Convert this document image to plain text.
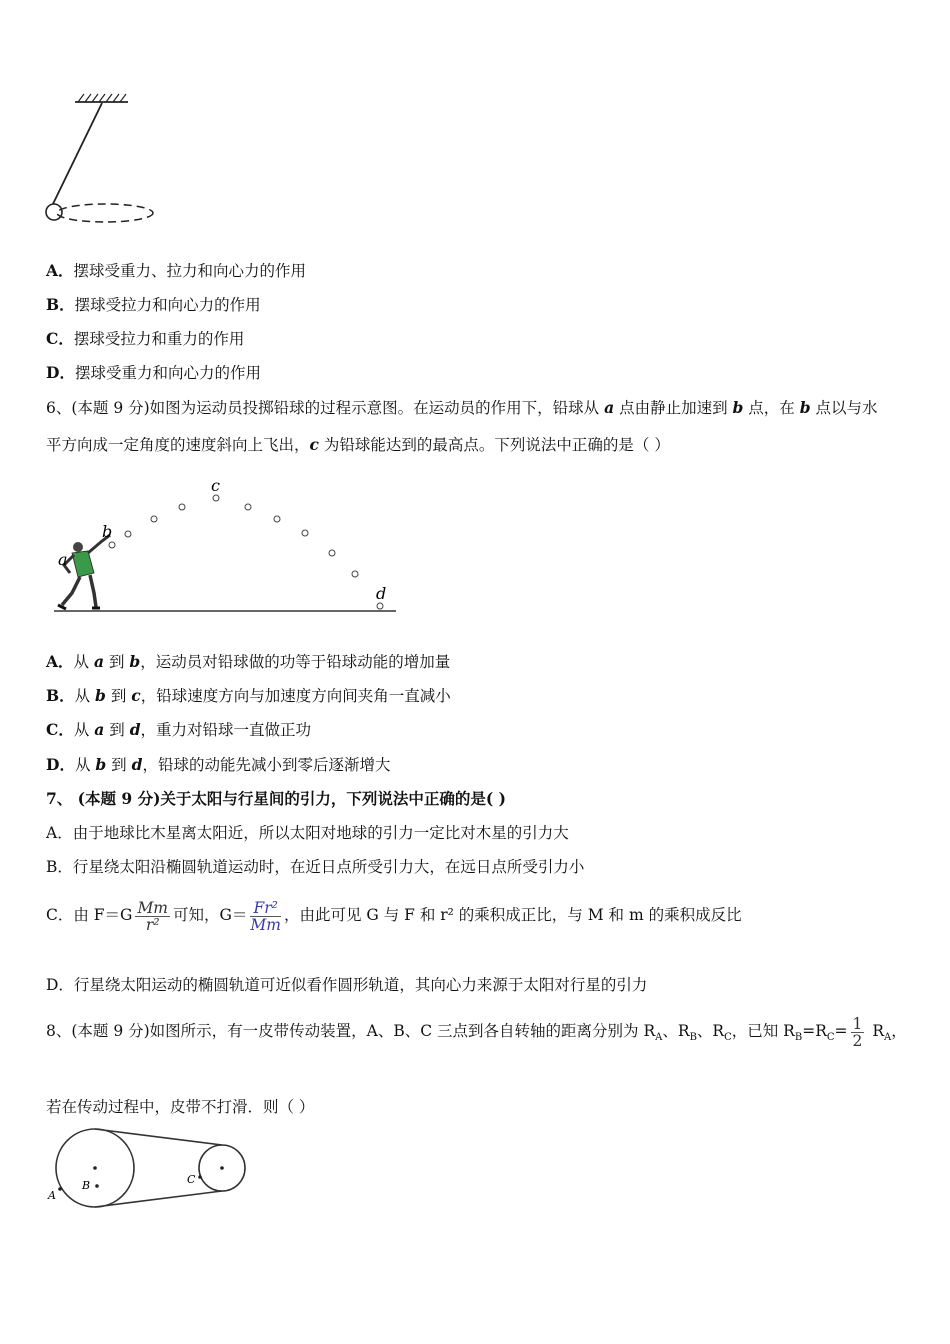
A．摆球受重力、拉力和向心力的作用
B．摆球受拉力和向心力的作用
C．摆球受拉力和重力的作用
D．摆球受重力和向心力的作用
6、(本题 9 分)如图为运动员投掷铅球的过程示意图。在运动员的作用下，铅球从 a 点由静止加速到 b 点，在 b 点以与水
平方向成一定角度的速度斜向上飞出，c 为铅球能达到的最高点。下列说法中正确的是（ ）
a
b
c
d
A．从 a 到 b，运动员对铅球做的功等于铅球动能的增加量
B．从 b 到 c，铅球速度方向与加速度方向间夹角一直减小
C．从 a 到 d，重力对铅球一直做正功
D．从 b 到 d，铅球的动能先减小到零后逐渐增大
7、 (本题 9 分)关于太阳与行星间的引力，下列说法中正确的是( )
A．由于地球比木星离太阳近，所以太阳对地球的引力一定比对木星的引力大
B．行星绕太阳沿椭圆轨道运动时，在近日点所受引力大，在远日点所受引力小
C．由 $F=G \frac{Mm}{\text{r²}}$ 可知，$G= \frac{\text{Fr²}}{Mm}$ ，由此可见 G 与 F 和 r² 的乘积成正比，与 M 和 m 的乘积成反比
D．行星绕太阳运动的椭圆轨道可近似看作圆形轨道，其向心力来源于太阳对行星的引力
8、(本题 9 分)如图所示，有一皮带传动装置，A、B、C 三点到各自转轴的距离分别为 $R_A$、$R_B$、$R_C$，已知 $R_B=R_C= \frac{1}{2} R_A$，
若在传动过程中，皮带不打滑．则（ ）
A
B	C
